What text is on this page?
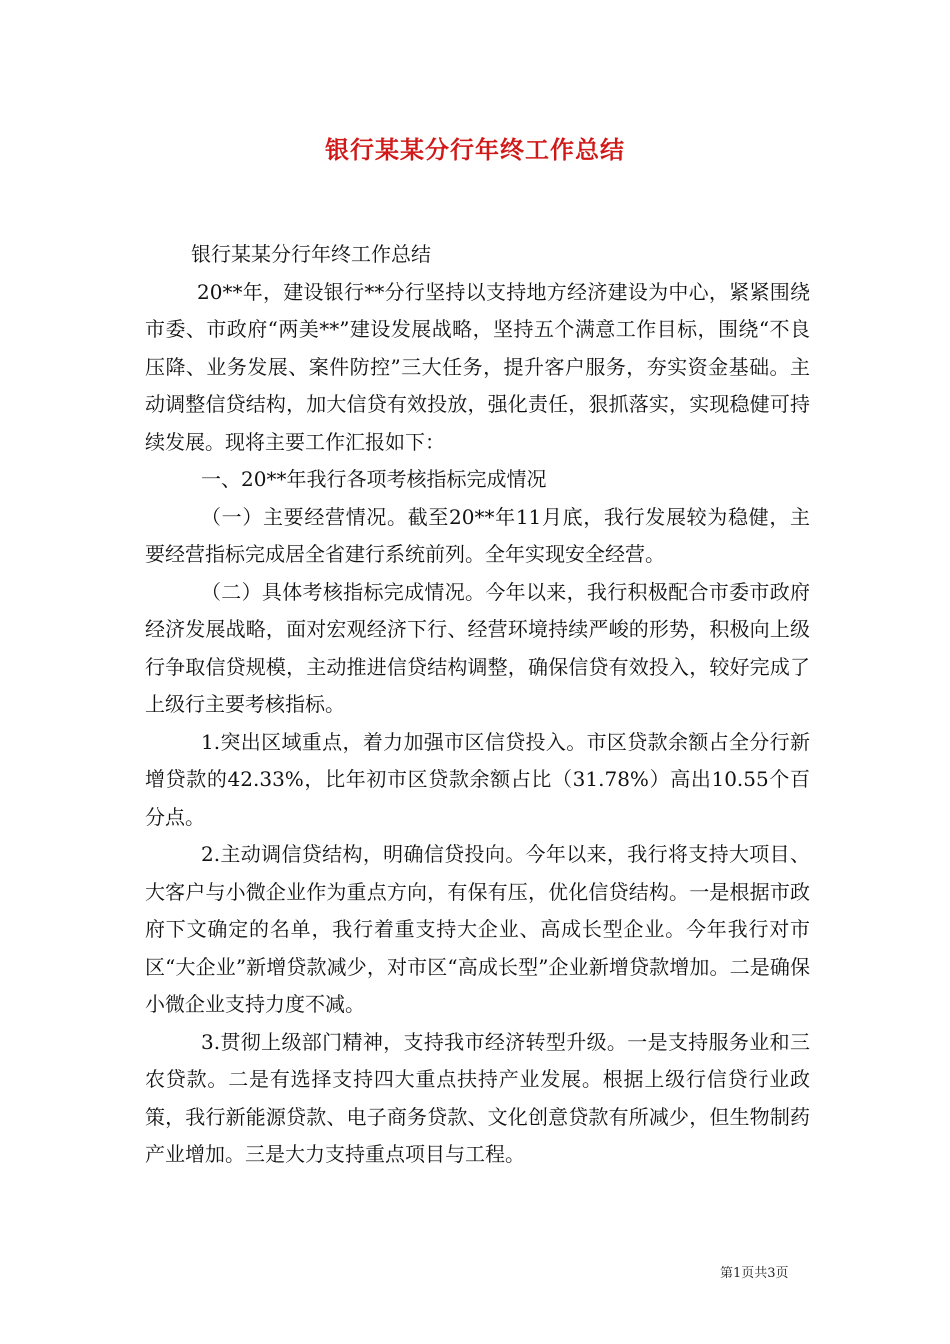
银行某某分行年终工作总结

银行某某分行年终工作总结

20**年，建设银行**分行坚持以支持地方经济建设为中心，紧紧围绕市委、市政府“两美**”建设发展战略，坚持五个满意工作目标，围绕“不良压降、业务发展、案件防控”三大任务，提升客户服务，夯实资金基础。主动调整信贷结构，加大信贷有效投放，强化责任，狠抓落实，实现稳健可持续发展。现将主要工作汇报如下：

一、20**年我行各项考核指标完成情况

（一）主要经营情况。截至20**年11月底，我行发展较为稳健，主要经营指标完成居全省建行系统前列。全年实现安全经营。

（二）具体考核指标完成情况。今年以来，我行积极配合市委市政府经济发展战略，面对宏观经济下行、经营环境持续严峻的形势，积极向上级行争取信贷规模，主动推进信贷结构调整，确保信贷有效投入，较好完成了上级行主要考核指标。

1.突出区域重点，着力加强市区信贷投入。市区贷款余额占全分行新增贷款的42.33%，比年初市区贷款余额占比（31.78%）高出10.55个百分点。

2.主动调信贷结构，明确信贷投向。今年以来，我行将支持大项目、大客户与小微企业作为重点方向，有保有压，优化信贷结构。一是根据市政府下文确定的名单，我行着重支持大企业、高成长型企业。今年我行对市区“大企业”新增贷款减少，对市区“高成长型”企业新增贷款增加。二是确保小微企业支持力度不减。

3.贯彻上级部门精神，支持我市经济转型升级。一是支持服务业和三农贷款。二是有选择支持四大重点扶持产业发展。根据上级行信贷行业政策，我行新能源贷款、电子商务贷款、文化创意贷款有所减少，但生物制药产业增加。三是大力支持重点项目与工程。

第1页共3页
